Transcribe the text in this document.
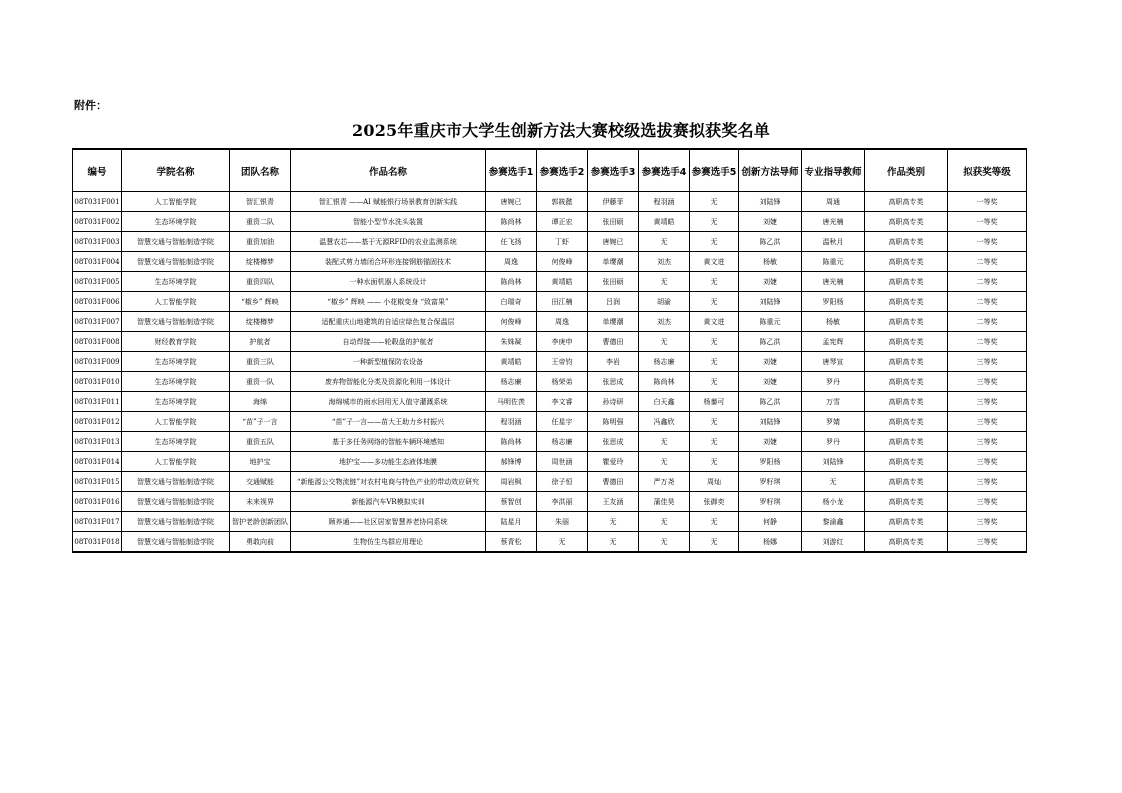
附件：
2025年重庆市大学生创新方法大赛校级选拔赛拟获奖名单
编号	学院名称	团队名称	作品名称	参赛选手1	参赛选手2	参赛选手3	参赛选手4	参赛选手5	创新方法导师	专业指导教师	作品类别	拟获奖等级
08T031F001	人工智能学院	智汇银青	智汇银青 ——AI 赋能银行场景教育创新实践	唐婉已	郭筱懿	伊藤菲	程羽涵	无	刘陆锋	周通	高职高专类	一等奖
08T031F002	生态环境学院	重资二队	智能小型节水洗头装置	陈尚林	谭正宏	张田硕	黄靖皓	无	刘婕	唐光楠	高职高专类	一等奖
08T031F003	智慧交通与智能制造学院	重资加油	温慧农芯——基于无源RFID的农业监测系统	任飞扬	丁虾	唐婉已	无	无	陈乙洪	温秋月	高职高专类	一等奖
08T031F004	智慧交通与智能制造学院	绽楼樽梦	装配式剪力墙闭合环形连接钢筋锚固技术	周逸	何俊峰	单缨潮	刘杰	黄文进	杨敏	陈重元	高职高专类	二等奖
08T031F005	生态环境学院	重资四队	一种水面机器人系统设计	陈尚林	黄靖皓	张田硕	无	无	刘婕	唐光楠	高职高专类	二等奖
08T031F006	人工智能学院	“椒乡” 辉映	“椒乡” 辉映 —— 小花椒变身 “致富果”	白瑞奇	田江楠	吕润	胡渝	无	刘陆锋	罗阳杨	高职高专类	二等奖
08T031F007	智慧交通与智能制造学院	绽楼樽梦	适配重庆山地建筑的自适应绿色复合保温层	何俊峰	周逸	单缨潮	刘杰	黄文进	陈重元	杨敏	高职高专类	二等奖
08T031F008	财经教育学院	护航者	自动焊接——轮毂盘的护航者	朱姝凝	李庚申	曹德田	无	无	陈乙洪	孟宪辉	高职高专类	二等奖
08T031F009	生态环境学院	重资三队	一种新型植保防农设备	黄靖皓	王帝钧	李岩	杨志廉	无	刘婕	唐琴宣	高职高专类	三等奖
08T031F010	生态环境学院	重资一队	废弃物智能化分类及资源化利用一体设计	杨志廉	杨荣弟	张思成	陈尚林	无	刘婕	罗丹	高职高专类	三等奖
08T031F011	生态环境学院	海绵	海绵城市的雨水回用无人值守灌溉系统	马明佐羡	李文睿	孙诗研	白天鑫	杨蓁可	陈乙洪	万雪	高职高专类	三等奖
08T031F012	人工智能学院	“苗”子一言	“苗”子一言——苗大王助力乡村振兴	程羽涵	任星宇	陈明强	冯鑫欣	无	刘陆锋	罗婧	高职高专类	三等奖
08T031F013	生态环境学院	重资五队	基于多任务网络的智能车辆环境感知	陈尚林	杨志廉	张思成	无	无	刘婕	罗丹	高职高专类	三等奖
08T031F014	人工智能学院	地护宝	地护宝——多功能生态液体地膜	郝锋博	周世涵	瞿爱玲	无	无	罗阳杨	刘陆锋	高职高专类	三等奖
08T031F015	智慧交通与智能制造学院	交通赋能	“新能源公交物流链”对农村电商与特色产业的带动效应研究	周岩枫	徐子恒	曹德田	严万尧	周灿	罗籽琪	无	高职高专类	三等奖
08T031F016	智慧交通与智能制造学院	未来视界	新能源汽车VR模拟实训	蔡智创	李洪丽	王友涵	蒲佳昊	张御奕	罗籽琪	杨小龙	高职高专类	三等奖
08T031F017	智慧交通与智能制造学院	智护老龄创新团队	顾养通——社区居家智慧养老协同系统	陆星月	朱丽	无	无	无	何静	黎渝鑫	高职高专类	三等奖
08T031F018	智慧交通与智能制造学院	勇敢向前	生物仿生鸟群应用理论	蔡青松	无	无	无	无	杨娜	刘游红	高职高专类	三等奖
